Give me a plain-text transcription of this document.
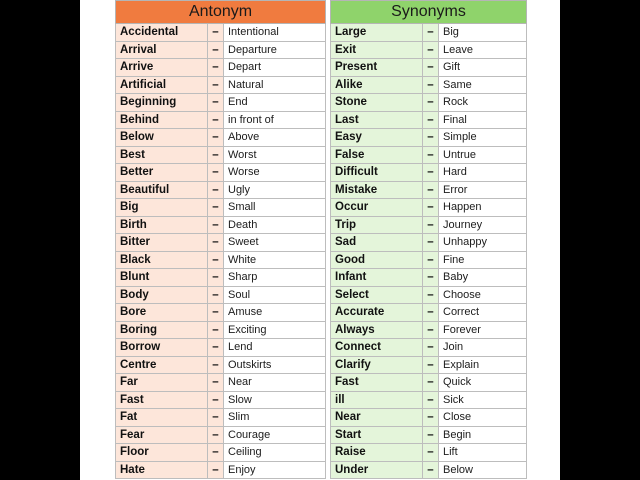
Antonym		
Accidental	–	Intentional
Arrival	–	Departure
Arrive	–	Depart
Artificial	–	Natural
Beginning	–	End
Behind	–	in front of
Below	–	Above
Best	–	Worst
Better	–	Worse
Beautiful	–	Ugly
Big	–	Small
Birth	–	Death
Bitter	–	Sweet
Black	–	White
Blunt	–	Sharp
Body	–	Soul
Bore	–	Amuse
Boring	–	Exciting
Borrow	–	Lend
Centre	–	Outskirts
Far	–	Near
Fast	–	Slow
Fat	–	Slim
Fear	–	Courage
Floor	–	Ceiling
Hate	–	Enjoy
Synonyms		
Large	–	Big
Exit	–	Leave
Present	–	Gift
Alike	–	Same
Stone	–	Rock
Last	–	Final
Easy	–	Simple
False	–	Untrue
Difficult	–	Hard
Mistake	–	Error
Occur	–	Happen
Trip	–	Journey
Sad	–	Unhappy
Good	–	Fine
Infant	–	Baby
Select	–	Choose
Accurate	–	Correct
Always	–	Forever
Connect	–	Join
Clarify	–	Explain
Fast	–	Quick
ill	–	Sick
Near	–	Close
Start	–	Begin
Raise	–	Lift
Under	–	Below
